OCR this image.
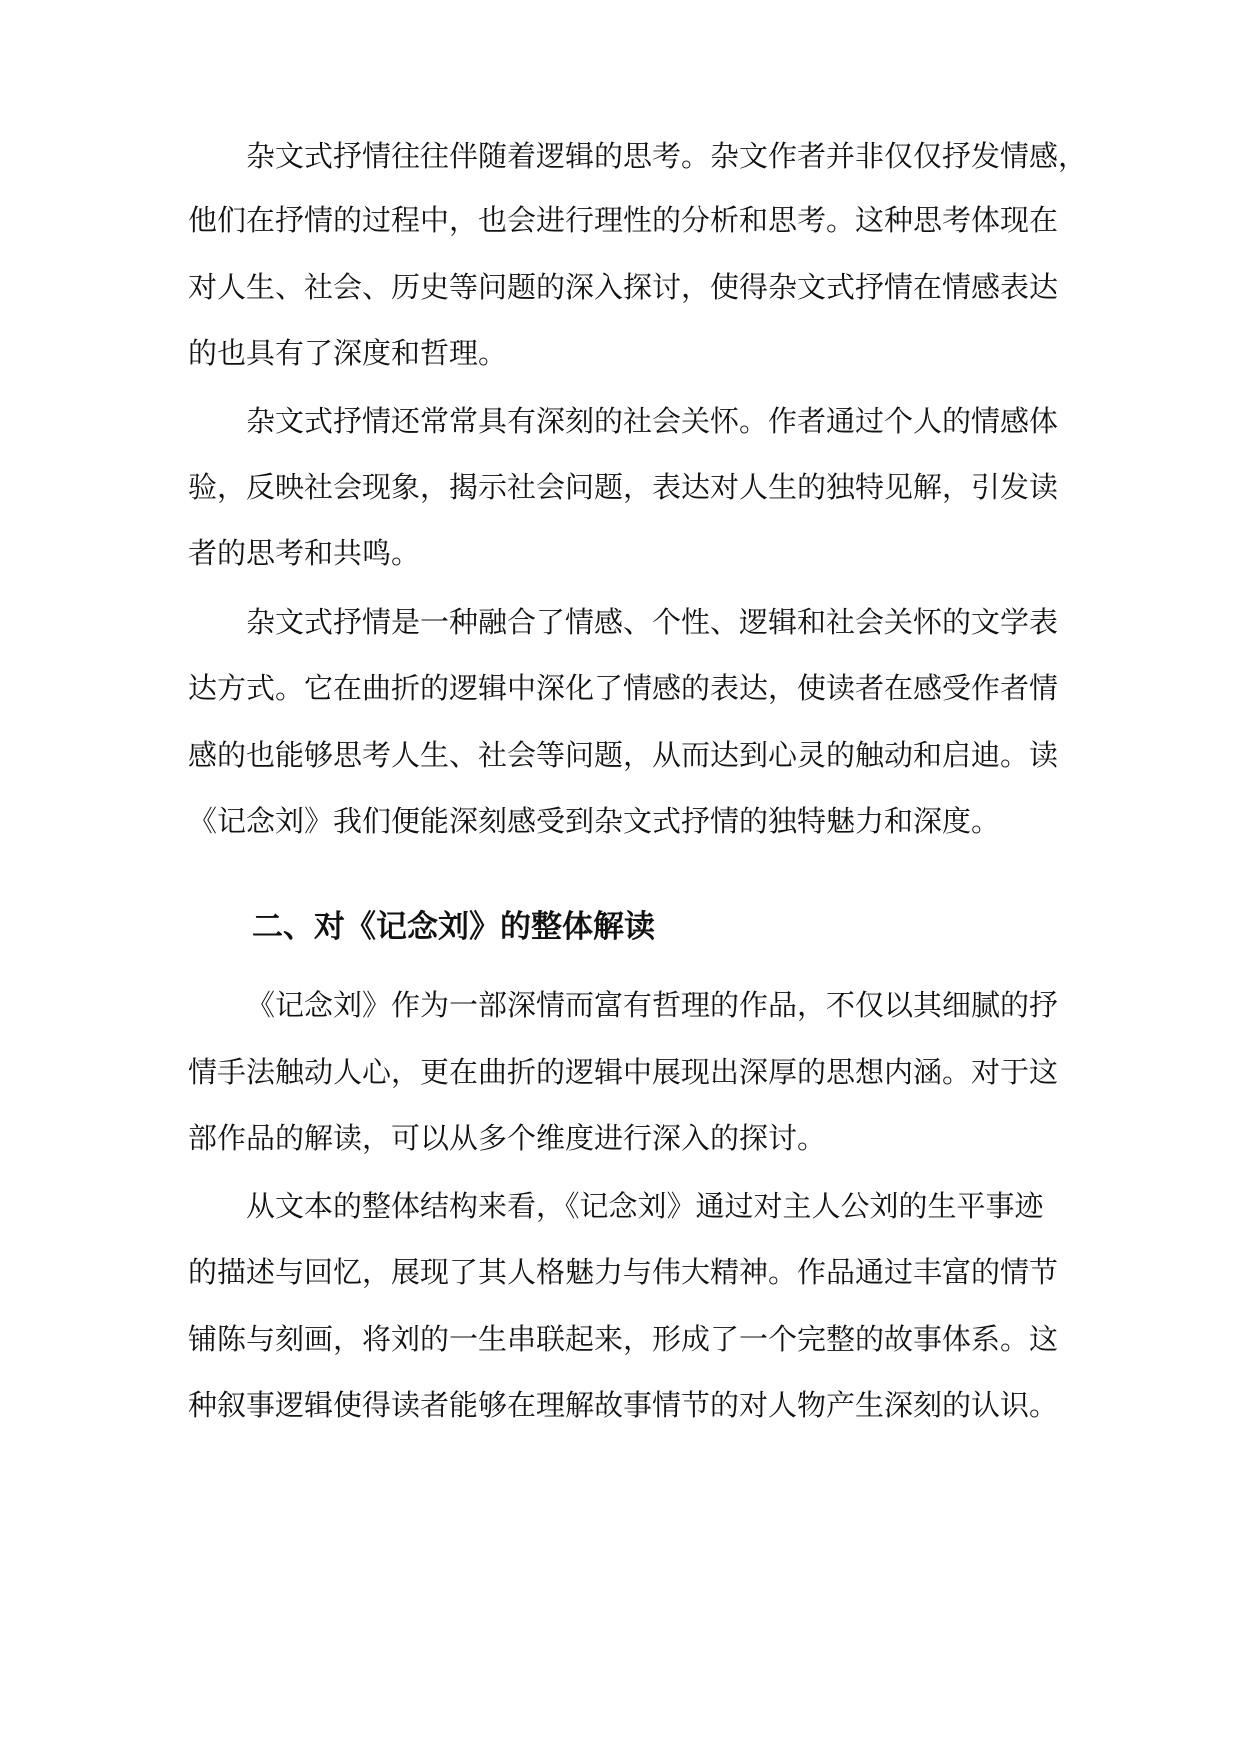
杂文式抒情往往伴随着逻辑的思考。杂文作者并非仅仅抒发情感，

他们在抒情的过程中，也会进行理性的分析和思考。这种思考体现在

对人生、社会、历史等问题的深入探讨，使得杂文式抒情在情感表达

的也具有了深度和哲理。

杂文式抒情还常常具有深刻的社会关怀。作者通过个人的情感体

验，反映社会现象，揭示社会问题，表达对人生的独特见解，引发读

者的思考和共鸣。

杂文式抒情是一种融合了情感、个性、逻辑和社会关怀的文学表

达方式。它在曲折的逻辑中深化了情感的表达，使读者在感受作者情

感的也能够思考人生、社会等问题，从而达到心灵的触动和启迪。读

《记念刘》我们便能深刻感受到杂文式抒情的独特魅力和深度。

二、对《记念刘》的整体解读

《记念刘》作为一部深情而富有哲理的作品，不仅以其细腻的抒

情手法触动人心，更在曲折的逻辑中展现出深厚的思想内涵。对于这

部作品的解读，可以从多个维度进行深入的探讨。

从文本的整体结构来看，《记念刘》通过对主人公刘的生平事迹

的描述与回忆，展现了其人格魅力与伟大精神。作品通过丰富的情节

铺陈与刻画，将刘的一生串联起来，形成了一个完整的故事体系。这

种叙事逻辑使得读者能够在理解故事情节的对人物产生深刻的认识。
